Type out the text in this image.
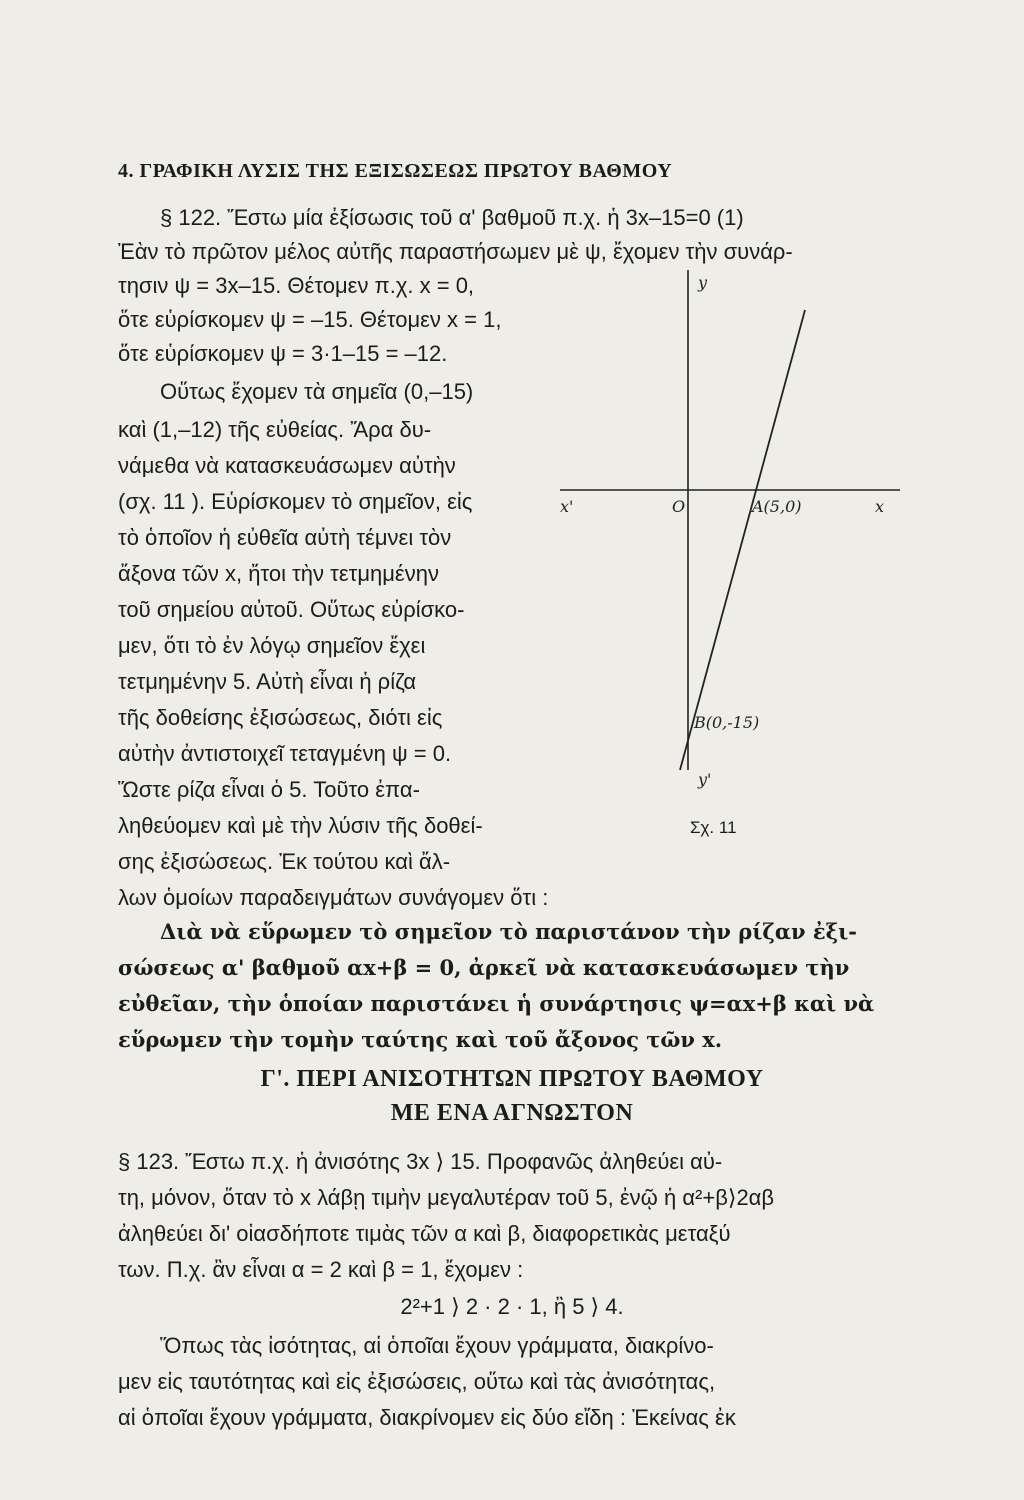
4. ΓΡΑΦΙΚΗ ΛΥΣΙΣ ΤΗΣ ΕΞΙΣΩΣΕΩΣ ΠΡΩΤΟΥ ΒΑΘΜΟΥ
§ 122. Ἔστω μία ἐξίσωσις τοῦ α' βαθμοῦ π.χ. ἡ 3x–15=0 (1)
Ἐὰν τὸ πρῶτον μέλος αὐτῆς παραστήσωμεν μὲ ψ, ἔχομεν τὴν συνάρ-
τησιν ψ = 3x–15. Θέτομεν π.χ. x = 0,
ὅτε εὑρίσκομεν ψ = –15. Θέτομεν x = 1,
ὅτε εὑρίσκομεν ψ = 3·1–15 = –12.
Οὕτως ἔχομεν τὰ σημεῖα (0,–15)
καὶ (1,–12) τῆς εὐθείας. Ἄρα δυ-
νάμεθα νὰ κατασκευάσωμεν αὐτὴν
(σχ. 11 ). Εὑρίσκομεν τὸ σημεῖον, εἰς
τὸ ὁποῖον ἡ εὐθεῖα αὐτὴ τέμνει τὸν
ἄξονα τῶν x, ἤτοι τὴν τετμημένην
τοῦ σημείου αὐτοῦ. Οὕτως εὑρίσκο-
μεν, ὅτι τὸ ἐν λόγῳ σημεῖον ἔχει
τετμημένην 5. Αὐτὴ εἶναι ἡ ρίζα
τῆς δοθείσης ἐξισώσεως, διότι εἰς
αὐτὴν ἀντιστοιχεῖ τεταγμένη ψ = 0.
Ὥστε ρίζα εἶναι ὁ 5. Τοῦτο ἐπα-
ληθεύομεν καὶ μὲ τὴν λύσιν τῆς δοθεί-
σης ἐξισώσεως. Ἐκ τούτου καὶ ἄλ-
λων ὁμοίων παραδειγμάτων συνάγομεν ὅτι :
y
y'
x'	x
O	A(5,0)
B(0,-15)
Σχ. 11
Διὰ νὰ εὕρωμεν τὸ σημεῖον τὸ παριστάνον τὴν ρίζαν ἐξι-
σώσεως α' βαθμοῦ αx+β = 0, ἀρκεῖ νὰ κατασκευάσωμεν τὴν
εὐθεῖαν, τὴν ὁποίαν παριστάνει ἡ συνάρτησις ψ=αx+β καὶ νὰ
εὕρωμεν τὴν τομὴν ταύτης καὶ τοῦ ἄξονος τῶν x.
Γ'. ΠΕΡΙ ΑΝΙΣΟΤΗΤΩΝ ΠΡΩΤΟΥ ΒΑΘΜΟΥ
ΜΕ ΕΝΑ ΑΓΝΩΣΤΟΝ
§ 123. Ἔστω π.χ. ἡ ἀνισότης 3x ⟩ 15. Προφανῶς ἀληθεύει αὐ-
τη, μόνον, ὅταν τὸ x λάβῃ τιμὴν μεγαλυτέραν τοῦ 5, ἐνῷ ἡ α²+β⟩2αβ
ἀληθεύει δι' οἱασδήποτε τιμὰς τῶν α καὶ β, διαφορετικὰς μεταξύ
των. Π.χ. ἂν εἶναι α = 2 καὶ β = 1, ἔχομεν :
2²+1 ⟩ 2 · 2 · 1, ἢ 5 ⟩ 4.
Ὅπως τὰς ἰσότητας, αἱ ὁποῖαι ἔχουν γράμματα, διακρίνο-
μεν εἰς ταυτότητας καὶ εἰς ἐξισώσεις, οὕτω καὶ τὰς ἀνισότητας,
αἱ ὁποῖαι ἔχουν γράμματα, διακρίνομεν εἰς δύο εἴδη : Ἐκείνας ἐκ
